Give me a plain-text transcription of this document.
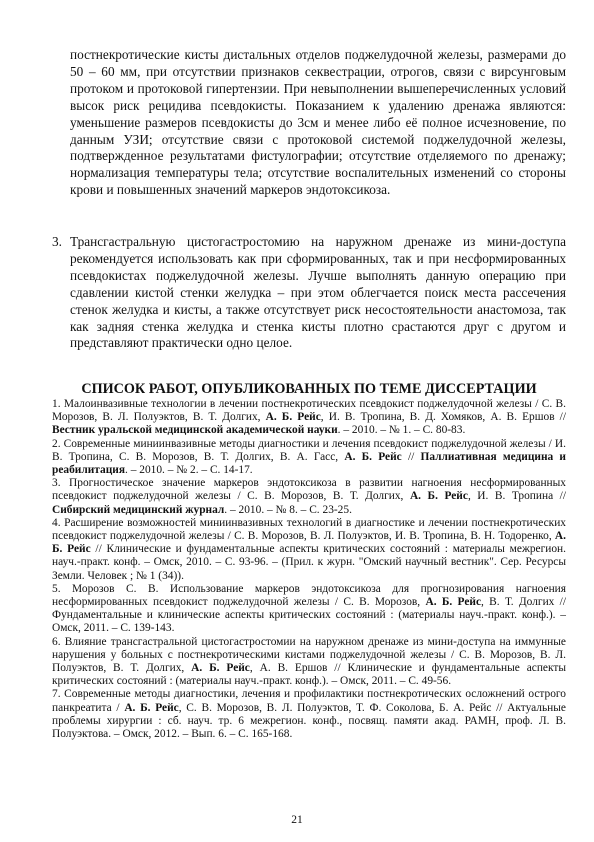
постнекротические кисты дистальных отделов поджелудочной железы, размерами до 50 – 60 мм, при отсутствии признаков секвестрации, отрогов, связи с вирсунговым протоком и протоковой гипертензии. При невыполнении вышеперечисленных условий высок риск рецидива псевдокисты. Показанием к удалению дренажа являются: уменьшение размеров псевдокисты до 3см и менее либо её полное исчезновение, по данным УЗИ; отсутствие связи с протоковой системой поджелудочной железы, подтвержденное результатами фистулографии; отсутствие отделяемого по дренажу; нормализация температуры тела; отсутствие воспалительных изменений со стороны крови и повышенных значений маркеров эндотоксикоза.
3. Трансгастральную цистогастростомию на наружном дренаже из мини-доступа рекомендуется использовать как при сформированных, так и при несформированных псевдокистах поджелудочной железы. Лучше выполнять данную операцию при сдавлении кистой стенки желудка – при этом облегчается поиск места рассечения стенок желудка и кисты, а также отсутствует риск несостоятельности анастомоза, так как задняя стенка желудка и стенка кисты плотно срастаются друг с другом и представляют практически одно целое.
СПИСОК РАБОТ, ОПУБЛИКОВАННЫХ ПО ТЕМЕ ДИССЕРТАЦИИ

1. Малоинвазивные технологии в лечении постнекротических псевдокист поджелудочной железы / С. В. Морозов, В. Л. Полуэктов, В. Т. Долгих, А. Б. Рейс, И. В. Тропина, В. Д. Хомяков, А. В. Ершов // Вестник уральской медицинской академической науки. – 2010. – № 1. – С. 80-83.

2. Современные миниинвазивные методы диагностики и лечения псевдокист поджелудочной железы / И. В. Тропина, С. В. Морозов, В. Т. Долгих, В. А. Гасс, А. Б. Рейс // Паллиативная медицина и реабилитация. – 2010. – № 2. – С. 14-17.

3. Прогностическое значение маркеров эндотоксикоза в развитии нагноения несформированных псевдокист поджелудочной железы / С. В. Морозов, В. Т. Долгих, А. Б. Рейс, И. В. Тропина // Сибирский медицинский журнал. – 2010. – № 8. – С. 23-25.

4. Расширение возможностей миниинвазивных технологий в диагностике и лечении постнекротических псевдокист поджелудочной железы / С. В. Морозов, В. Л. Полуэктов, И. В. Тропина, В. Н. Тодоренко, А. Б. Рейс // Клинические и фундаментальные аспекты критических состояний : материалы межрегион. науч.-практ. конф. – Омск, 2010. – С. 93-96. – (Прил. к журн. "Омский научный вестник". Сер. Ресурсы Земли. Человек ; № 1 (34)).

5. Морозов С. В. Использование маркеров эндотоксикоза для прогнозирования нагноения несформированных псевдокист поджелудочной железы / С. В. Морозов, А. Б. Рейс, В. Т. Долгих // Фундаментальные и клинические аспекты критических состояний : (материалы науч.-практ. конф.). – Омск, 2011. – С. 139-143.

6. Влияние трансгастральной цистогастростомии на наружном дренаже из мини-доступа на иммунные нарушения у больных с постнекротическими кистами поджелудочной железы / С. В. Морозов, В. Л. Полуэктов, В. Т. Долгих, А. Б. Рейс, А. В. Ершов // Клинические и фундаментальные аспекты критических состояний : (материалы науч.-практ. конф.). – Омск, 2011. – С. 49-56.

7. Современные методы диагностики, лечения и профилактики постнекротических осложнений острого панкреатита / А. Б. Рейс, С. В. Морозов, В. Л. Полуэктов, Т. Ф. Соколова, Б. А. Рейс // Актуальные проблемы хирургии : сб. науч. тр. 6 межрегион. конф., посвящ. памяти акад. РАМН, проф. Л. В. Полуэктова. – Омск, 2012. – Вып. 6. – С. 165-168.

21
